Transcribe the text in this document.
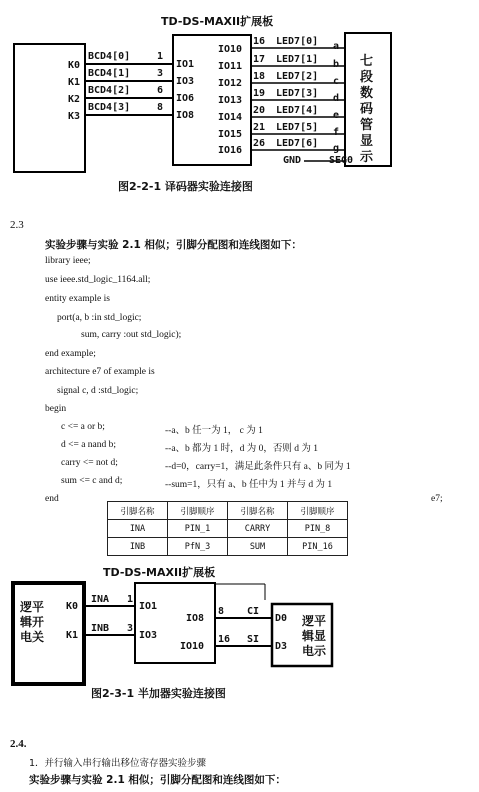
TD-DS-MAXII扩展板
K0
K1
K2
K3
BCD4[0]
BCD4[1]
BCD4[2]
BCD4[3]
1
3
6
8
IO1
IO3
IO6
IO8
IO10
IO11
IO12
IO13
IO14
IO15
IO16
16
17
18
19
20
21
26
LED7[0]
LED7[1]
LED7[2]
LED7[3]
LED7[4]
LED7[5]
LED7[6]
a
b
c
d
e
f
g
GND	SEG0
七
段
数
码
管
显
示
图2-2-1 译码器实验连接图
2.3
实验步骤与实验 2.1 相似；引脚分配图和连线图如下：
library ieee;
use ieee.std_logic_1164.all;
entity example is
port(a, b :in std_logic;
sum, carry :out std_logic);
end example;
architecture e7 of example is
signal c, d :std_logic;
begin
c <= a or b;	--a、b 任一为 1， c 为 1
d <= a nand b;	--a、b 都为 1 时，d 为 0，否则 d 为 1
carry <= not d;	--d=0，carry=1，满足此条件只有 a、b 同为 1
sum <= c and d;	--sum=1，只有 a、b 任中为 1 并与 d 为 1
end	e7;
引脚名称	引脚顺序	引脚名称	引脚顺序
INA	PIN_1	CARRY	PIN_8
INB	PfN_3	SUM	PIN_16
TD-DS-MAXII扩展板
逻平
辑开
电关
K0
K1
INA
INB
1
3
IO1
IO3
IO8
IO10
8
16
CI
SI
D0
D3
逻平
辑显
电示
图2-3-1 半加器实验连接图
2.4.
1．并行输入串行输出移位寄存器实验步骤
实验步骤与实验 2.1 相似；引脚分配图和连线图如下：
